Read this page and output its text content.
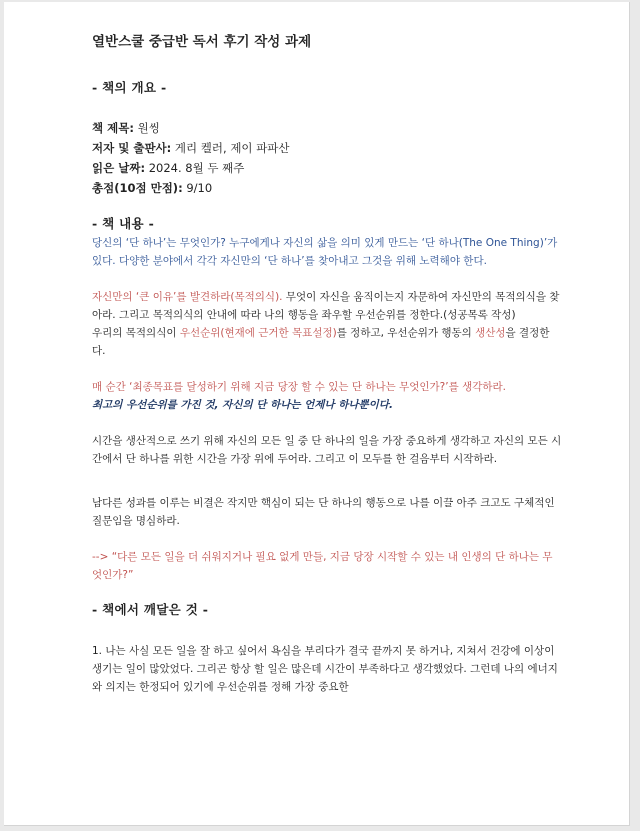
열반스쿨 중급반 독서 후기 작성 과제
- 책의 개요 -
책 제목: 원씽
저자 및 출판사: 게리 켈러, 제이 파파산
읽은 날짜: 2024. 8월 두 째주
총점(10점 만점): 9/10
- 책 내용 -

당신의 ‘단 하나’는 무엇인가? 누구에게나 자신의 삶을 의미 있게 만드는 ‘단 하나(The One Thing)’가 있다. 다양한 분야에서 각각 자신만의 ‘단 하나’를 찾아내고 그것을 위해 노력해야 한다.

자신만의 ‘큰 이유’를 발견하라(목적의식). 무엇이 자신을 움직이는지 자문하여 자신만의 목적의식을 찾아라. 그리고 목적의식의 안내에 따라 나의 행동을 좌우할 우선순위를 정한다.(성공목록 작성)

우리의 목적의식이 우선순위(현재에 근거한 목표설정)를 정하고, 우선순위가 행동의 생산성을 결정한다.

매 순간 ‘최종목표를 달성하기 위해 지금 당장 할 수 있는 단 하나는 무엇인가?’를 생각하라.

최고의 우선순위를 가진 것, 자신의 단 하나는 언제나 하나뿐이다.

시간을 생산적으로 쓰기 위해 자신의 모든 일 중 단 하나의 일을 가장 중요하게 생각하고 자신의 모든 시간에서 단 하나를 위한 시간을 가장 위에 두어라. 그리고 이 모두를 한 걸음부터 시작하라.

남다른 성과를 이루는 비결은 작지만 핵심이 되는 단 하나의 행동으로 나를 이끌 아주 크고도 구체적인 질문임을 명심하라.

--> “다른 모든 일을 더 쉬워지거나 필요 없게 만들, 지금 당장 시작할 수 있는 내 인생의 단 하나는 무엇인가?”

- 책에서 깨달은 것 -

1. 나는 사실 모든 일을 잘 하고 싶어서 욕심을 부리다가 결국 끝까지 못 하거나, 지쳐서 건강에 이상이 생기는 일이 많았었다. 그리곤 항상 할 일은 많은데 시간이 부족하다고 생각했었다. 그런데 나의 에너지와 의지는 한정되어 있기에 우선순위를 정해 가장 중요한
